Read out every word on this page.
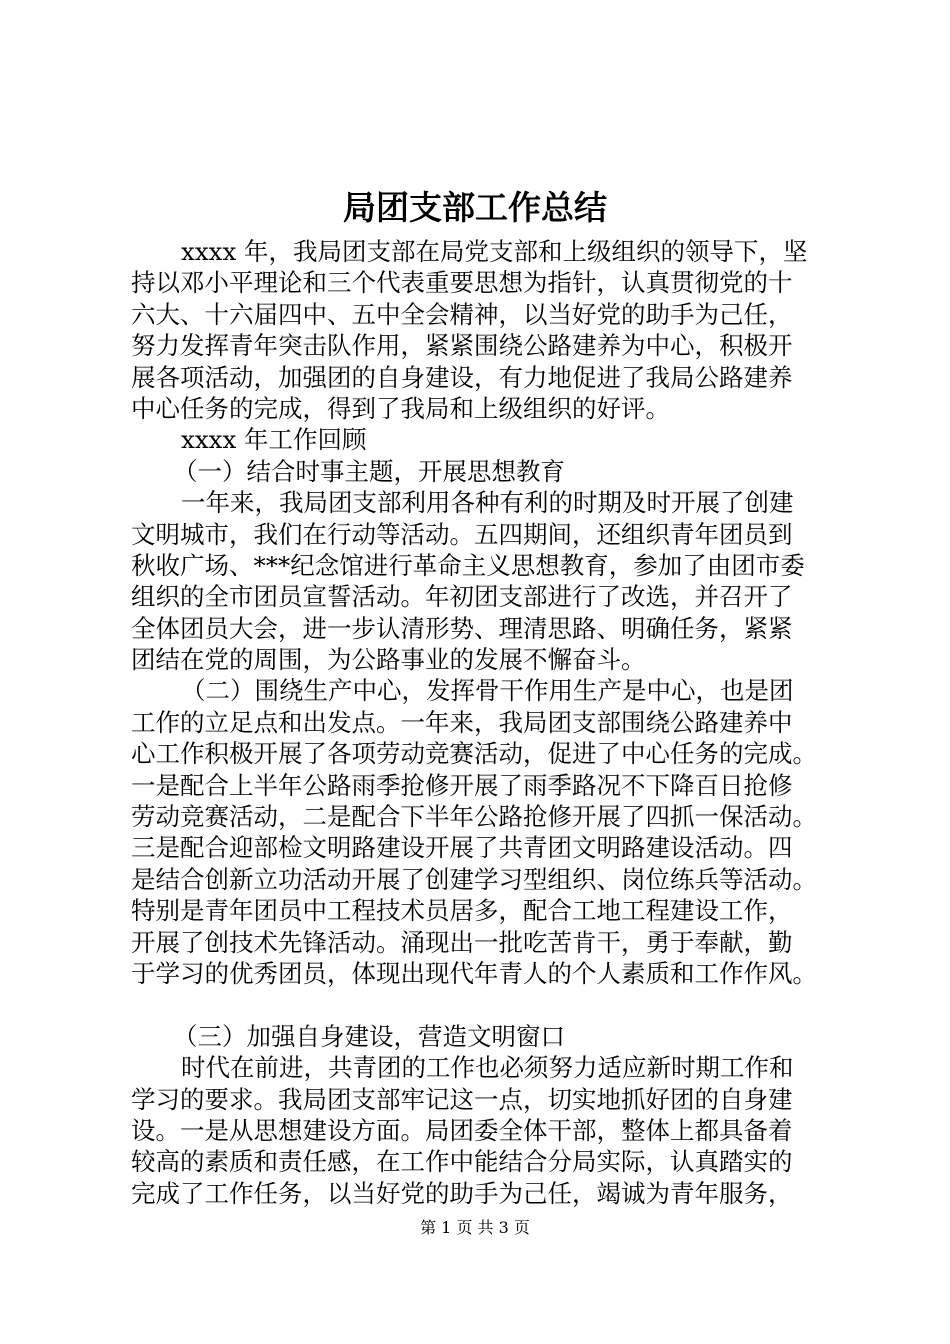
局团支部工作总结
xxxx 年，我局团支部在局党支部和上级组织的领导下，坚
持以邓小平理论和三个代表重要思想为指针，认真贯彻党的十
六大、十六届四中、五中全会精神，以当好党的助手为己任，
努力发挥青年突击队作用，紧紧围绕公路建养为中心，积极开
展各项活动，加强团的自身建设，有力地促进了我局公路建养
中心任务的完成，得到了我局和上级组织的好评。
xxxx 年工作回顾
（一）结合时事主题，开展思想教育
一年来，我局团支部利用各种有利的时期及时开展了创建
文明城市，我们在行动等活动。五四期间，还组织青年团员到
秋收广场、***纪念馆进行革命主义思想教育，参加了由团市委
组织的全市团员宣誓活动。年初团支部进行了改选，并召开了
全体团员大会，进一步认清形势、理清思路、明确任务，紧紧
团结在党的周围，为公路事业的发展不懈奋斗。
（二）围绕生产中心，发挥骨干作用生产是中心，也是团
工作的立足点和出发点。一年来，我局团支部围绕公路建养中
心工作积极开展了各项劳动竞赛活动，促进了中心任务的完成。
一是配合上半年公路雨季抢修开展了雨季路况不下降百日抢修
劳动竞赛活动，二是配合下半年公路抢修开展了四抓一保活动。
三是配合迎部检文明路建设开展了共青团文明路建设活动。四
是结合创新立功活动开展了创建学习型组织、岗位练兵等活动。
特别是青年团员中工程技术员居多，配合工地工程建设工作，
开展了创技术先锋活动。涌现出一批吃苦肯干，勇于奉献，勤
于学习的优秀团员，体现出现代年青人的个人素质和工作作风。
（三）加强自身建设，营造文明窗口
时代在前进，共青团的工作也必须努力适应新时期工作和
学习的要求。我局团支部牢记这一点，切实地抓好团的自身建
设。一是从思想建设方面。局团委全体干部，整体上都具备着
较高的素质和责任感，在工作中能结合分局实际，认真踏实的
完成了工作任务，以当好党的助手为己任，竭诚为青年服务，
第 1 页 共 3 页
